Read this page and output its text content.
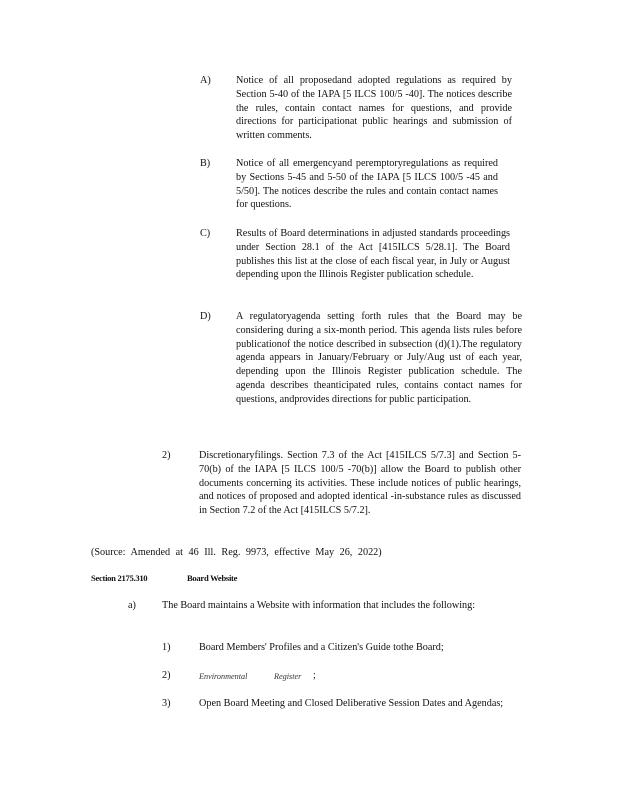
A) Notice of all proposedand adopted regulations as required by Section 5-40 of the IAPA [5 ILCS 100/5 -40]. The notices describe the rules, contain contact names for questions, and provide directions for participationat public hearings and submission of written comments.
B)	Notice of all emergencyand peremptoryregulations as required by Sections 5-45 and 5-50 of the IAPA [5 ILCS 100/5 -45 and 5/50]. The notices describe the rules and contain contact names for questions.
C)	Results of Board determinations in adjusted standards proceedings under Section 28.1 of the Act [415ILCS 5/28.1]. The Board publishes this list at the close of each fiscal year, in July or August depending upon the Illinois Register publication schedule.
D) A regulatoryagenda setting forth rules that the Board may be considering during a six-month period. This agenda lists rules before publicationof the notice described in subsection (d)(1).The regulatory agenda appears in January/February or July/Aug ust of each year, depending upon the Illinois Register publication schedule. The agenda describes theanticipated rules, contains contact names for questions, andprovides directions for public participation.
2)	Discretionaryfilings. Section 7.3 of the Act [415ILCS 5/7.3] and Section 5-70(b) of the IAPA [5 ILCS 100/5 -70(b)] allow the Board to publish other documents concerning its activities. These include notices of public hearings, and notices of proposed and adopted identical -in-substance rules as discussed in Section 7.2 of the Act [415ILCS 5/7.2].
(Source: Amended at 46 Ill. Reg. 9973, effective May 26, 2022)
Section 2175.310	Board Website
a)	The Board maintains a Website with information that includes the following:
1)	Board Members' Profiles and a Citizen's Guide tothe Board;
2)	Environmental	Register ;
3)	Open Board Meeting and Closed Deliberative Session Dates and Agendas;
